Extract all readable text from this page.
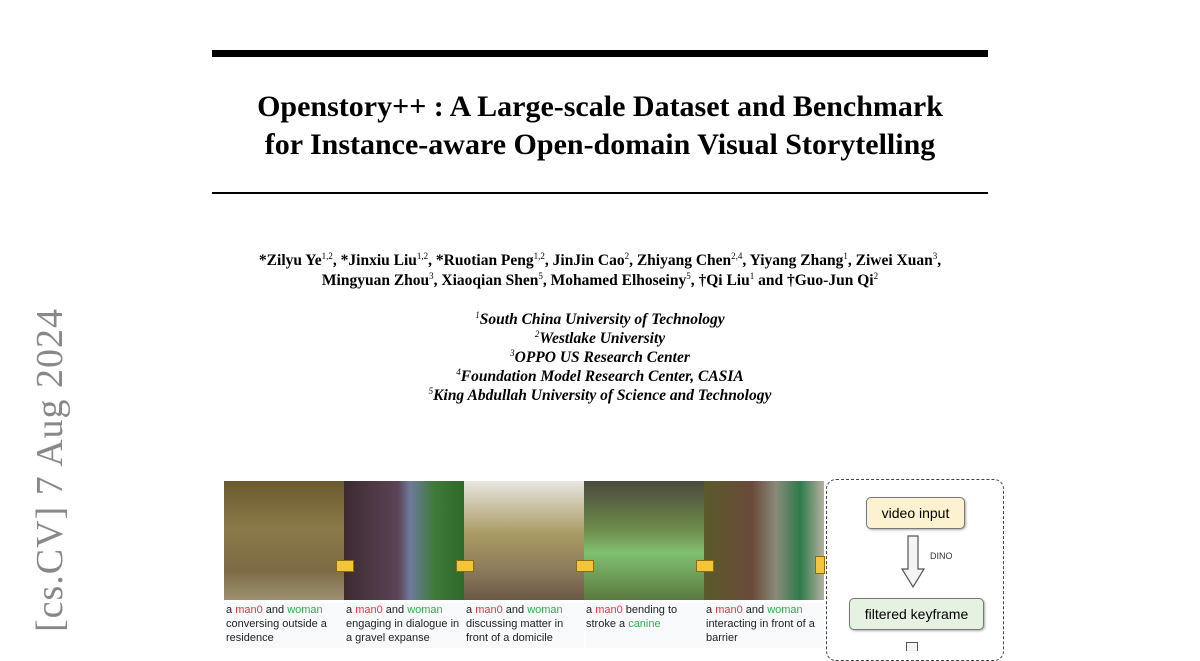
[cs.CV] 7 Aug 2024
Openstory++ : A Large-scale Dataset and Benchmark
for Instance-aware Open-domain Visual Storytelling
*Zilyu Ye$^{1,2}$, *Jinxiu Liu$^{1,2}$, *Ruotian Peng$^{1,2}$, JinJin Cao$^2$, Zhiyang Chen$^{2,4}$, Yiyang Zhang$^1$, Ziwei Xuan$^3$,
Mingyuan Zhou$^3$, Xiaoqian Shen$^5$, Mohamed Elhoseiny$^5$, †Qi Liu$^1$ and †Guo-Jun Qi$^2$
$^1$South China University of Technology
$^2$Westlake University
$^3$OPPO US Research Center
$^4$Foundation Model Research Center, CASIA
$^5$King Abdullah University of Science and Technology
a man0 and woman conversing outside a residence
a man0 and woman engaging in dialogue in a gravel expanse
a man0 and woman discussing matter in front of a domicile
a man0 bending to stroke a canine
a man0 and woman interacting in front of a barrier
video input
DINO
filtered keyframe
